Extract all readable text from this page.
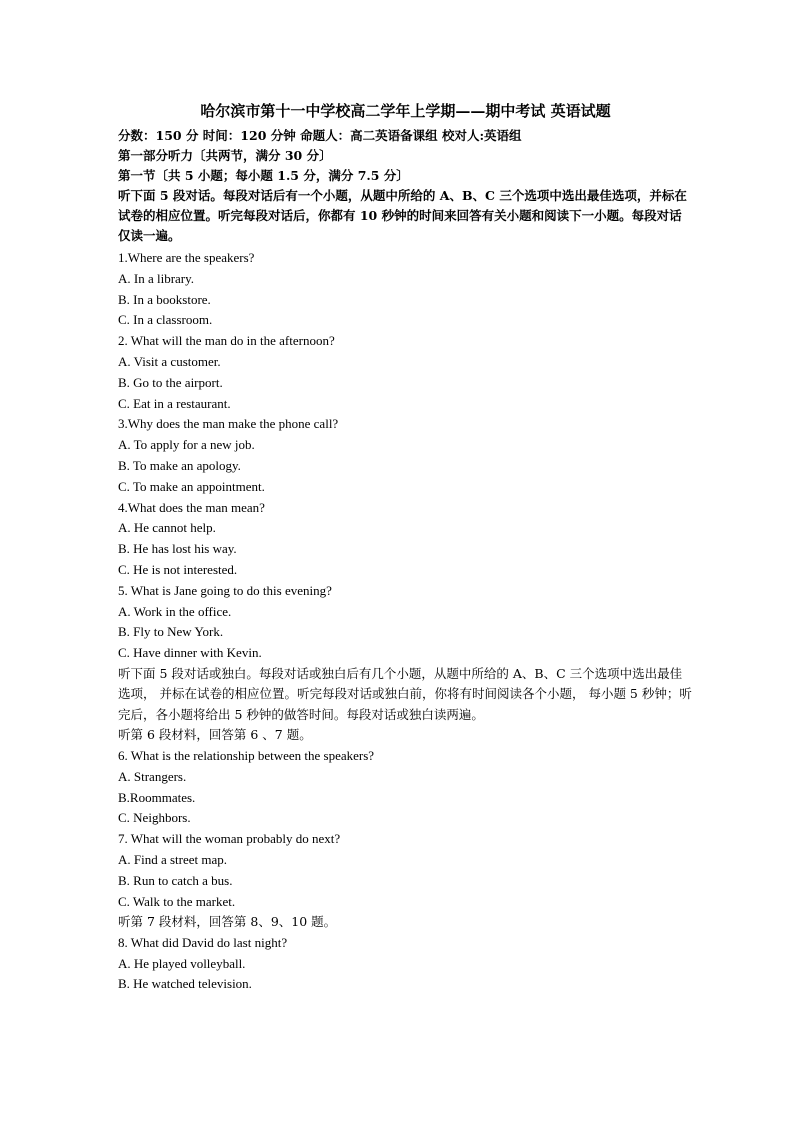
哈尔滨市第十一中学校高二学年上学期——期中考试 英语试题
分数：150 分 时间：120 分钟 命题人：高二英语备课组 校对人:英语组
第一部分听力〔共两节，满分 30 分〕
第一节〔共 5 小题；每小题 1.5 分，满分 7.5 分〕
听下面 5 段对话。每段对话后有一个小题，从题中所给的 A、B、C 三个选项中选出最佳选项，并标在试卷的相应位置。听完每段对话后，你都有 10 秒钟的时间来回答有关小题和阅读下一小题。每段对话仅读一遍。
1.Where are the speakers?
A. In a library.
B. In a bookstore.
C. In a classroom.
2. What will the man do in the afternoon?
A. Visit a customer.
B. Go to the airport.
C. Eat in a restaurant.
3.Why does the man make the phone call?
A. To apply for a new job.
B. To make an apology.
C. To make an appointment.
4.What does the man mean?
A. He cannot help.
B. He has lost his way.
C. He is not interested.
5. What is Jane going to do this evening?
A. Work in the office.
B. Fly to New York.
C. Have dinner with Kevin.
听下面 5 段对话或独白。每段对话或独白后有几个小题，从题中所给的 A、B、C 三个选项中选出最佳选项， 并标在试卷的相应位置。听完每段对话或独白前，你将有时间阅读各个小题， 每小题 5 秒钟；听完后，各小题将给出 5 秒钟的做答时间。每段对话或独白读两遍。
听第 6 段材料，回答第 6 、7 题。
6. What is the relationship between the speakers?
A. Strangers.
B.Roommates.
C. Neighbors.
7. What will the woman probably do next?
A. Find a street map.
B. Run to catch a bus.
C. Walk to the market.
听第 7 段材料，回答第 8、9、10 题。
8. What did David do last night?
A. He played volleyball.
B. He watched television.
